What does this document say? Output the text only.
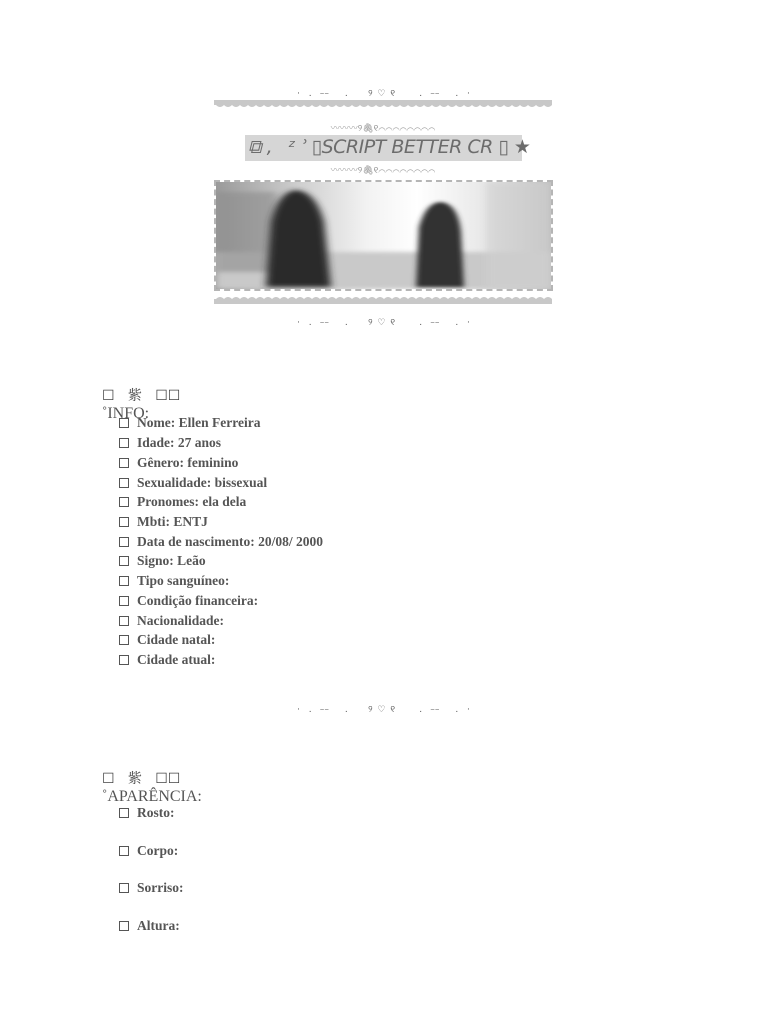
·  .  ⎯⎯    .     ୨ ♡ ୧      .  ⎯⎯    .  ·
〰〰〰୨🖇୧⌒⌒⌒⌒⌒⌒⌒⌒
⧉ ,   ᶻ ʾ ▯SCRIPT BETTER CR ▯ ★
〰〰〰୨🖇୧⌒⌒⌒⌒⌒⌒⌒⌒
·  .  ⎯⎯    .     ୨ ♡ ୧      .  ⎯⎯    .  ·

☐   紫   ☐☐
˚INFO:

Nome: Ellen Ferreira
Idade: 27 anos
Gênero: feminino
Sexualidade: bissexual
Pronomes: ela dela
Mbti: ENTJ
Data de nascimento: 20/08/ 2000
Signo: Leão
Tipo sanguíneo:
Condição financeira:
Nacionalidade:
Cidade natal:
Cidade atual:
·  .  ⎯⎯    .     ୨ ♡ ୧      .  ⎯⎯    .  ·

☐   紫   ☐☐
˚APARÊNCIA:

Rosto:
Corpo:
Sorriso:
Altura:
